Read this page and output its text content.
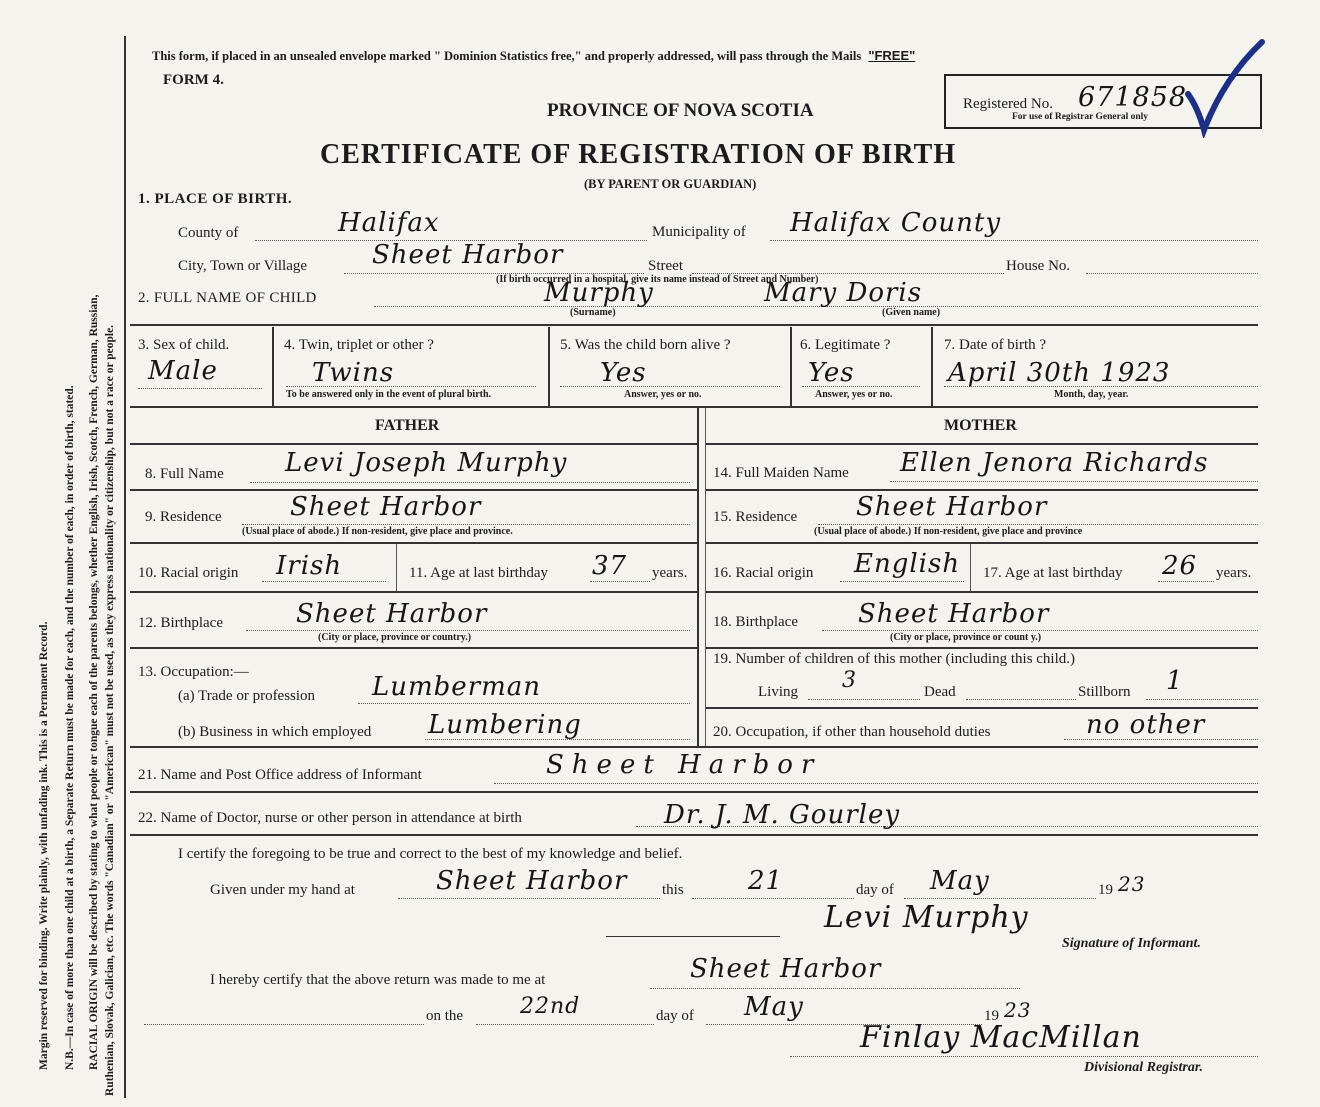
Margin reserved for binding. Write plainly, with unfading ink. This is a Permanent Record. N.B.—In case of more than one child at a birth, a Separate Return must be made for each, and the number of each, in order of birth, stated. RACIAL ORIGIN will be described by stating to what people or tongue each of the parents belongs, whether English, Irish, Scotch, French, German, Russian, Ruthenian, Slovak, Galician, etc. The words "Canadian" or "American" must not be used, as they express nationality or citizenship, but not a race or people.
This form, if placed in an unsealed envelope marked " Dominion Statistics free," and properly addressed, will pass through the Mails "FREE"
FORM 4.
PROVINCE OF NOVA SCOTIA
CERTIFICATE OF REGISTRATION OF BIRTH
(BY PARENT OR GUARDIAN)
Registered No. 671858
For use of Registrar General only
1. PLACE OF BIRTH.
County of	Halifax	Municipality of Halifax County
City, Town or Village Sheet Harbor	Street	House No.
(If birth occurred in a hospital, give its name instead of Street and Number)
2. FULL NAME OF CHILD	Murphy	Mary Doris
(Surname)	(Given name)
3. Sex of child.
Male
4. Twin, triplet or other ?
Twins
To be answered only in the event of plural birth.
5. Was the child born alive ?
Yes
Answer, yes or no.
6. Legitimate ?
Yes
Answer, yes or no.
7. Date of birth ?
April 30th 1923
Month, day, year.
FATHER	MOTHER
8. Full Name Levi Joseph Murphy
9. Residence	Sheet Harbor
(Usual place of abode.) If non-resident, give place and province.
10. Racial origin Irish	11. Age at last birthday 37 years.
12. Birthplace	Sheet Harbor
(City or place, province or country.)
13. Occupation:—
(a) Trade or profession Lumberman
(b) Business in which employed Lumbering
14. Full Maiden Name Ellen Jenora Richards
15. Residence Sheet Harbor
(Usual place of abode.) If non-resident, give place and province
16. Racial origin English 17. Age at last birthday 26 years.
18. Birthplace Sheet Harbor
(City or place, province or count y.)
19. Number of children of this mother (including this child.)
Living 3	Dead	Stillborn 1
20. Occupation, if other than household duties	no other
21. Name and Post Office address of Informant	Sheet Harbor
22. Name of Doctor, nurse or other person in attendance at birth	Dr. J. M. Gourley
I certify the foregoing to be true and correct to the best of my knowledge and belief.
Given under my hand at	Sheet Harbor this 21	day of May	19 23
Levi Murphy
Signature of Informant.
I hereby certify that the above return was made to me at	Sheet Harbor
on the	22nd	day of May	19 23
Finlay MacMillan
Divisional Registrar.
